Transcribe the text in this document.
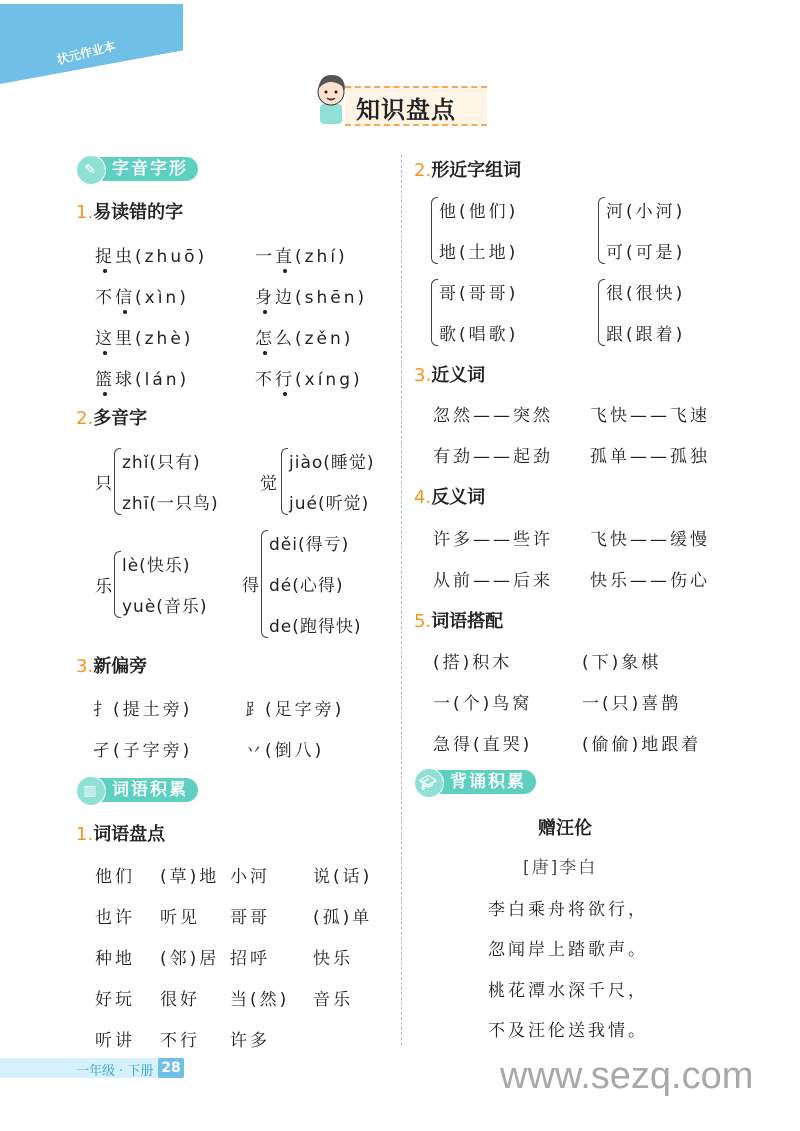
状元作业本
知识盘点
✎ 字音字形
1.易读错的字
2.多音字
3.新偏旁
扌(提土旁)	⻊(足字旁)
孑(子字旁)	丷(倒八)
▥ 词语积累
1.词语盘点
2.形近字组词
3.近义词
忽然——突然 飞快——飞速
有劲——起劲 孤单——孤独
4.反义词
许多——些许 飞快——缓慢
从前——后来 快乐——伤心
5.词语搭配
(搭)积木	(下)象棋
一(个)鸟窝	一(只)喜鹊
急得(直哭)	(偷偷)地跟着
🎓︎ 背诵积累
赠汪伦
[唐]李白
李白乘舟将欲行，
忽闻岸上踏歌声。
桃花潭水深千尺，
不及汪伦送我情。
一年级 · 下册 28	www.sezq.com
捉虫(zhuō)	一直(zhí)
不信(xìn)	身边(shēn)
这里(zhè)	怎么(zěn)
篮球(lán)	不行(xíng)
只
zhǐ(只有)
zhī(一只鸟)
觉
jiào(睡觉)
jué(听觉)
乐
lè(快乐)
yuè(音乐)
得
děi(得亏)
dé(心得)
de(跑得快)
他们 (草)地 小河	说(话)
也许 听见 哥哥	(孤)单
种地 (邻)居 招呼	快乐
好玩 很好 当(然) 音乐
听讲 不行 许多
他(他们)
地(土地)
河(小河)
可(可是)
哥(哥哥)
歌(唱歌)
很(很快)
跟(跟着)
